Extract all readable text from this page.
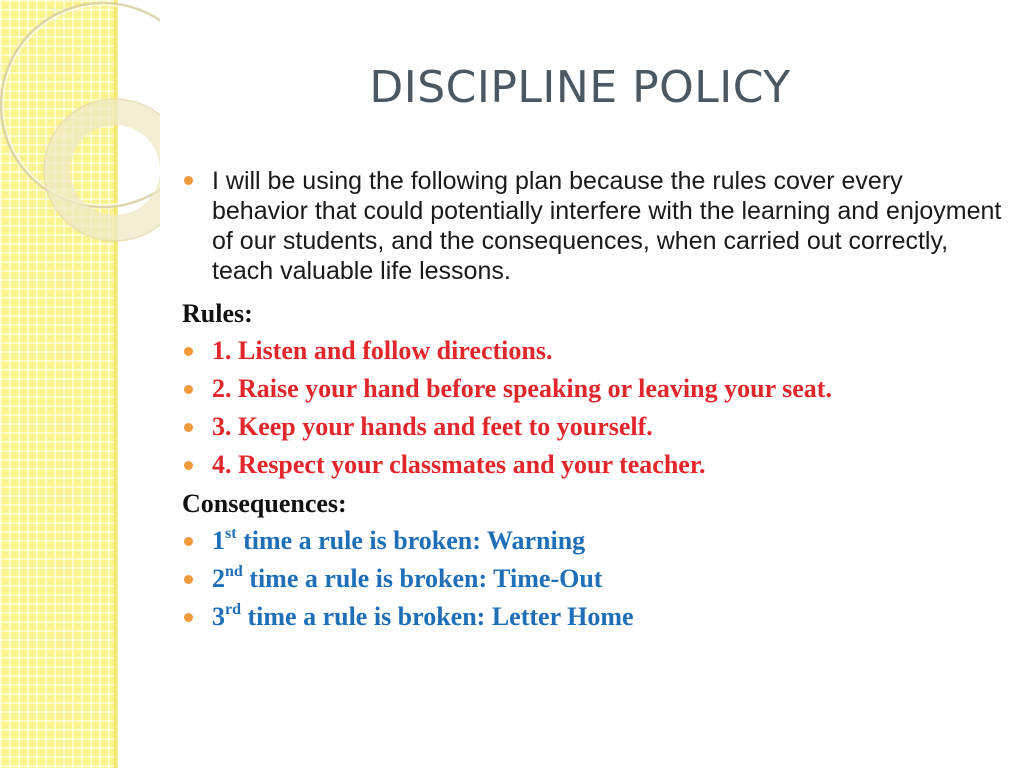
DISCIPLINE POLICY
I will be using the following plan because the rules cover every behavior that could potentially interfere with the learning and enjoyment of our students, and the consequences, when carried out correctly, teach valuable life lessons.
Rules:
1. Listen and follow directions.
2. Raise your hand before speaking or leaving your seat.
3. Keep your hands and feet to yourself.
4. Respect your classmates and your teacher.
Consequences:
1st time a rule is broken: Warning
2nd time a rule is broken: Time-Out
3rd time a rule is broken: Letter Home
